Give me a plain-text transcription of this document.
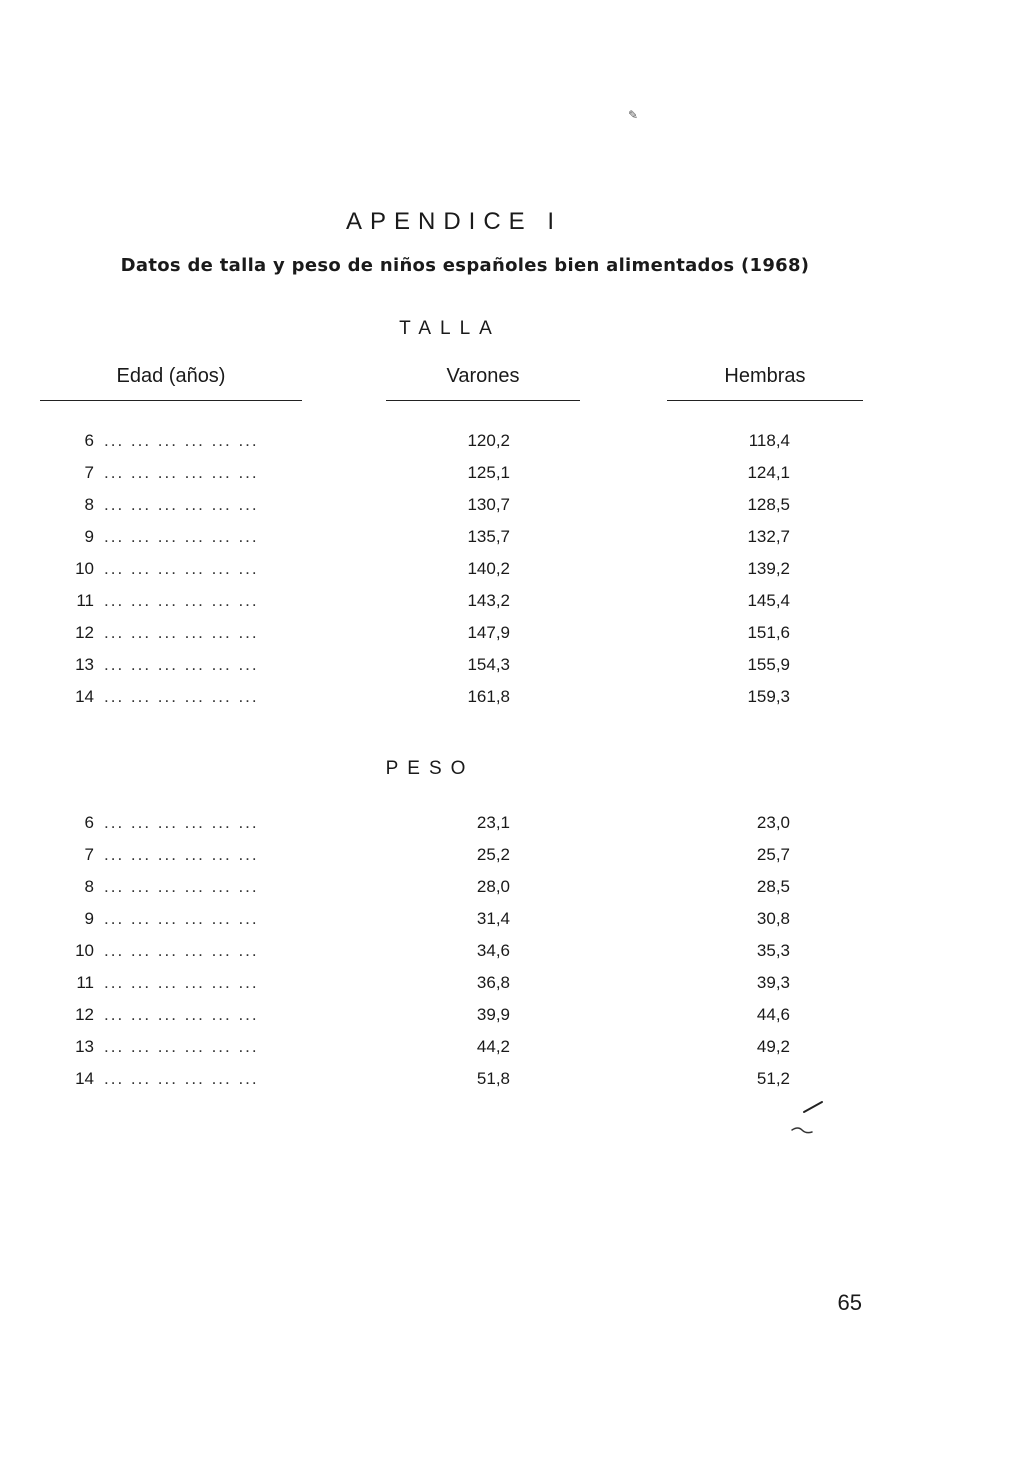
✎
APENDICE I
Datos de talla y peso de niños españoles bien alimentados (1968)
TALLA
Edad (años)	Varones	Hembras
6 ... ... ... ... ... ...	120,2	118,4
7 ... ... ... ... ... ...	125,1	124,1
8 ... ... ... ... ... ...	130,7	128,5
9 ... ... ... ... ... ...	135,7	132,7
10 ... ... ... ... ... ...	140,2	139,2
11 ... ... ... ... ... ...	143,2	145,4
12 ... ... ... ... ... ...	147,9	151,6
13 ... ... ... ... ... ...	154,3	155,9
14 ... ... ... ... ... ...	161,8	159,3
PESO
6 ... ... ... ... ... ...	23,1	23,0
7 ... ... ... ... ... ...	25,2	25,7
8 ... ... ... ... ... ...	28,0	28,5
9 ... ... ... ... ... ...	31,4	30,8
10 ... ... ... ... ... ...	34,6	35,3
11 ... ... ... ... ... ...	36,8	39,3
12 ... ... ... ... ... ...	39,9	44,6
13 ... ... ... ... ... ...	44,2	49,2
14 ... ... ... ... ... ...	51,8	51,2
65
